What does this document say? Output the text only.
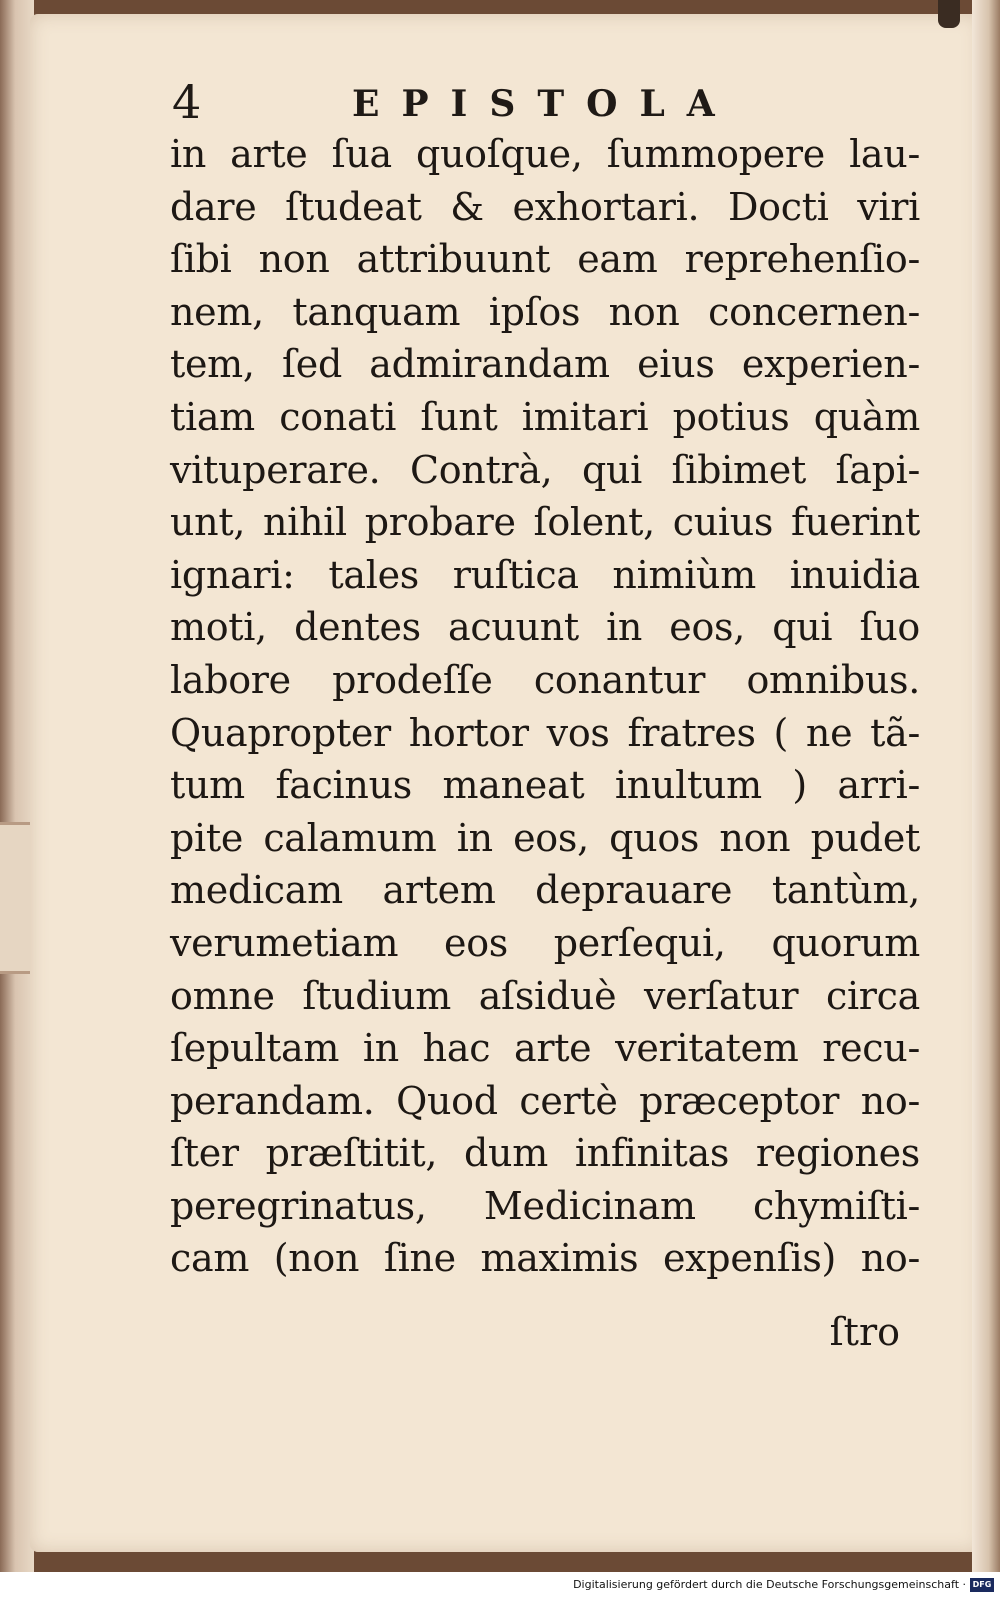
4	EPISTOLA
in arte ſua quoſque, ſummopere lau-
dare ſtudeat & exhortari. Docti viri
ſibi non attribuunt eam reprehenſio-
nem, tanquam ipſos non concernen-
tem, ſed admirandam eius experien-
tiam conati ſunt imitari potius quàm
vituperare. Contrà, qui ſibimet ſapi-
unt, nihil probare ſolent, cuius fuerint
ignari: tales ruſtica nimiùm inuidia
moti, dentes acuunt in eos, qui ſuo
labore prodeſſe conantur omnibus.
Quapropter hortor vos fratres ( ne tã-
tum facinus maneat inultum ) arri-
pite calamum in eos, quos non pudet
medicam artem deprauare tantùm,
verumetiam eos perſequi, quorum
omne ſtudium aſsiduè verſatur circa
ſepultam in hac arte veritatem recu-
perandam. Quod certè præceptor no-
ſter præſtitit, dum infinitas regiones
peregrinatus, Medicinam chymiſti-
cam (non ſine maximis expenſis) no-
ſtro
Digitalisierung gefördert durch die Deutsche Forschungsgemeinschaft · DFG
